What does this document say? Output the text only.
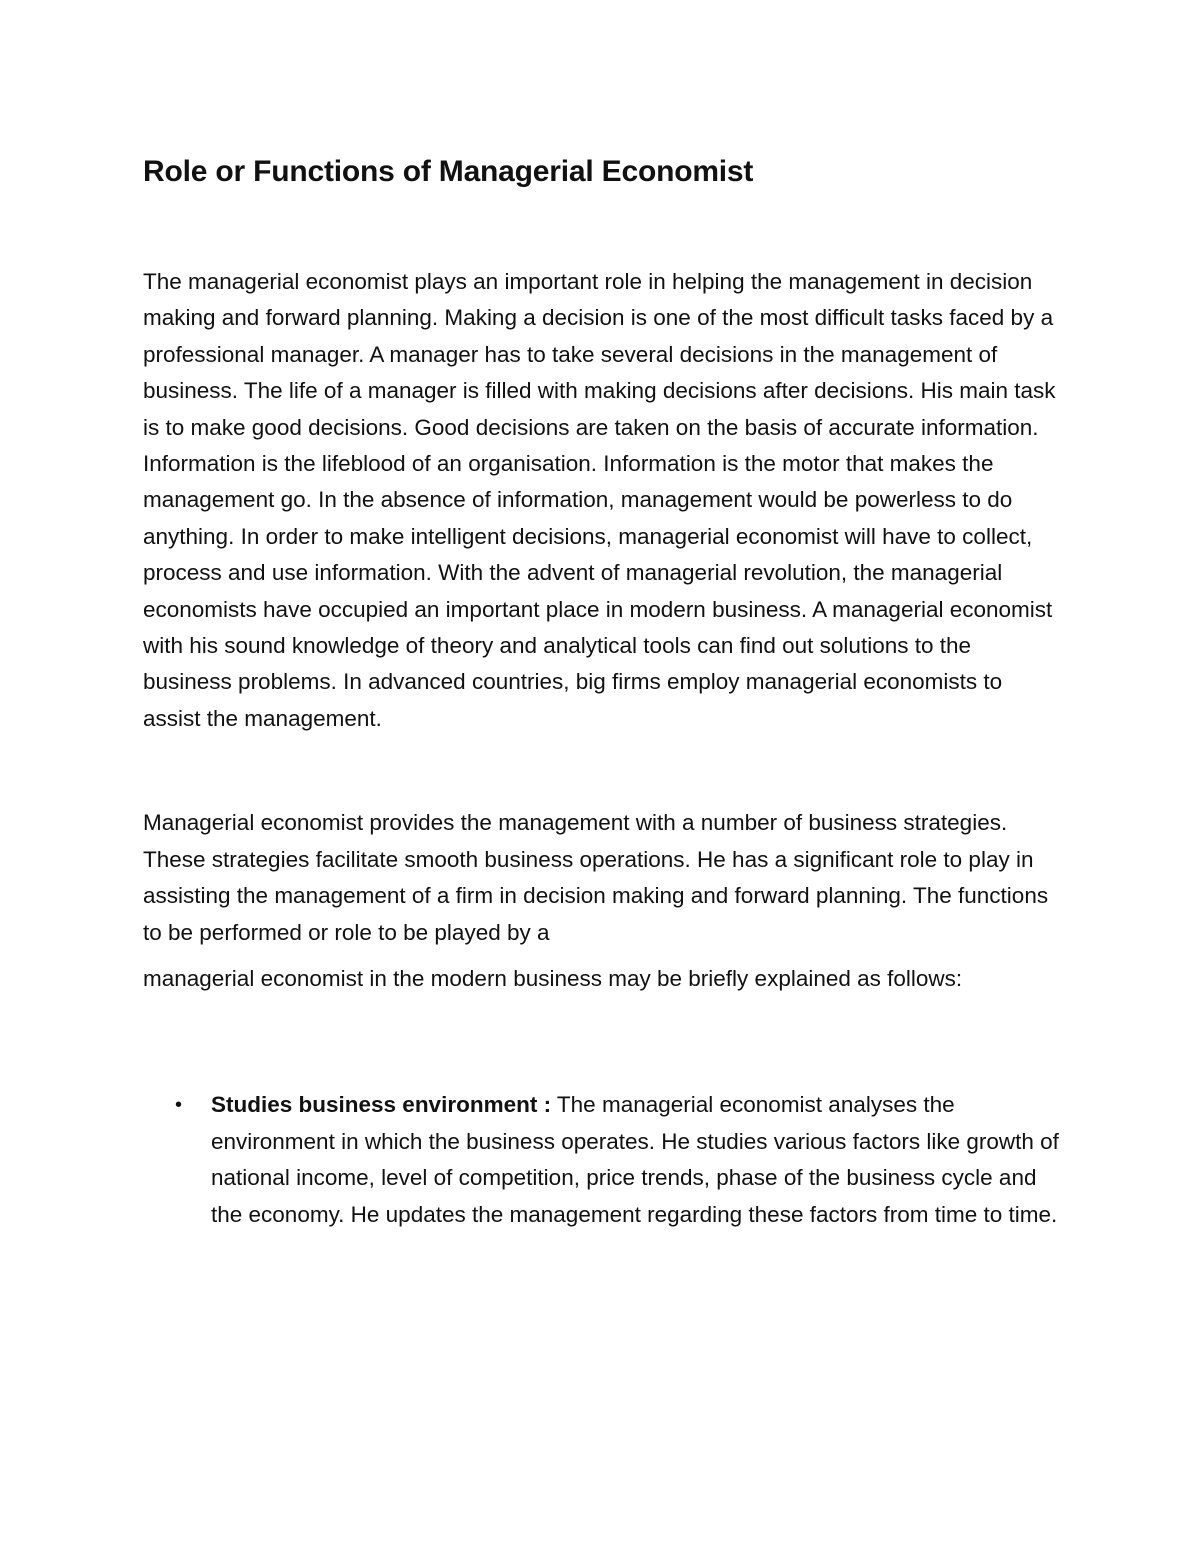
Role or Functions of Managerial Economist

The managerial economist plays an important role in helping the management in decision making and forward planning. Making a decision is one of the most difficult tasks faced by a professional manager. A manager has to take several decisions in the management of business. The life of a manager is filled with making decisions after decisions. His main task is to make good decisions. Good decisions are taken on the basis of accurate information. Information is the lifeblood of an organisation. Information is the motor that makes the management go. In the absence of information, management would be powerless to do anything. In order to make intelligent decisions, managerial economist will have to collect, process and use information. With the advent of managerial revolution, the managerial economists have occupied an important place in modern business. A managerial economist with his sound knowledge of theory and analytical tools can find out solutions to the business problems. In advanced countries, big firms employ managerial economists to assist the management.

Managerial economist provides the management with a number of business strategies. These strategies facilitate smooth business operations. He has a significant role to play in assisting the management of a firm in decision making and forward planning. The functions to be performed or role to be played by a
managerial economist in the modern business may be briefly explained as follows:

• Studies business environment : The managerial economist analyses the environment in which the business operates. He studies various factors like growth of national income, level of competition, price trends, phase of the business cycle and the economy. He updates the management regarding these factors from time to time.
